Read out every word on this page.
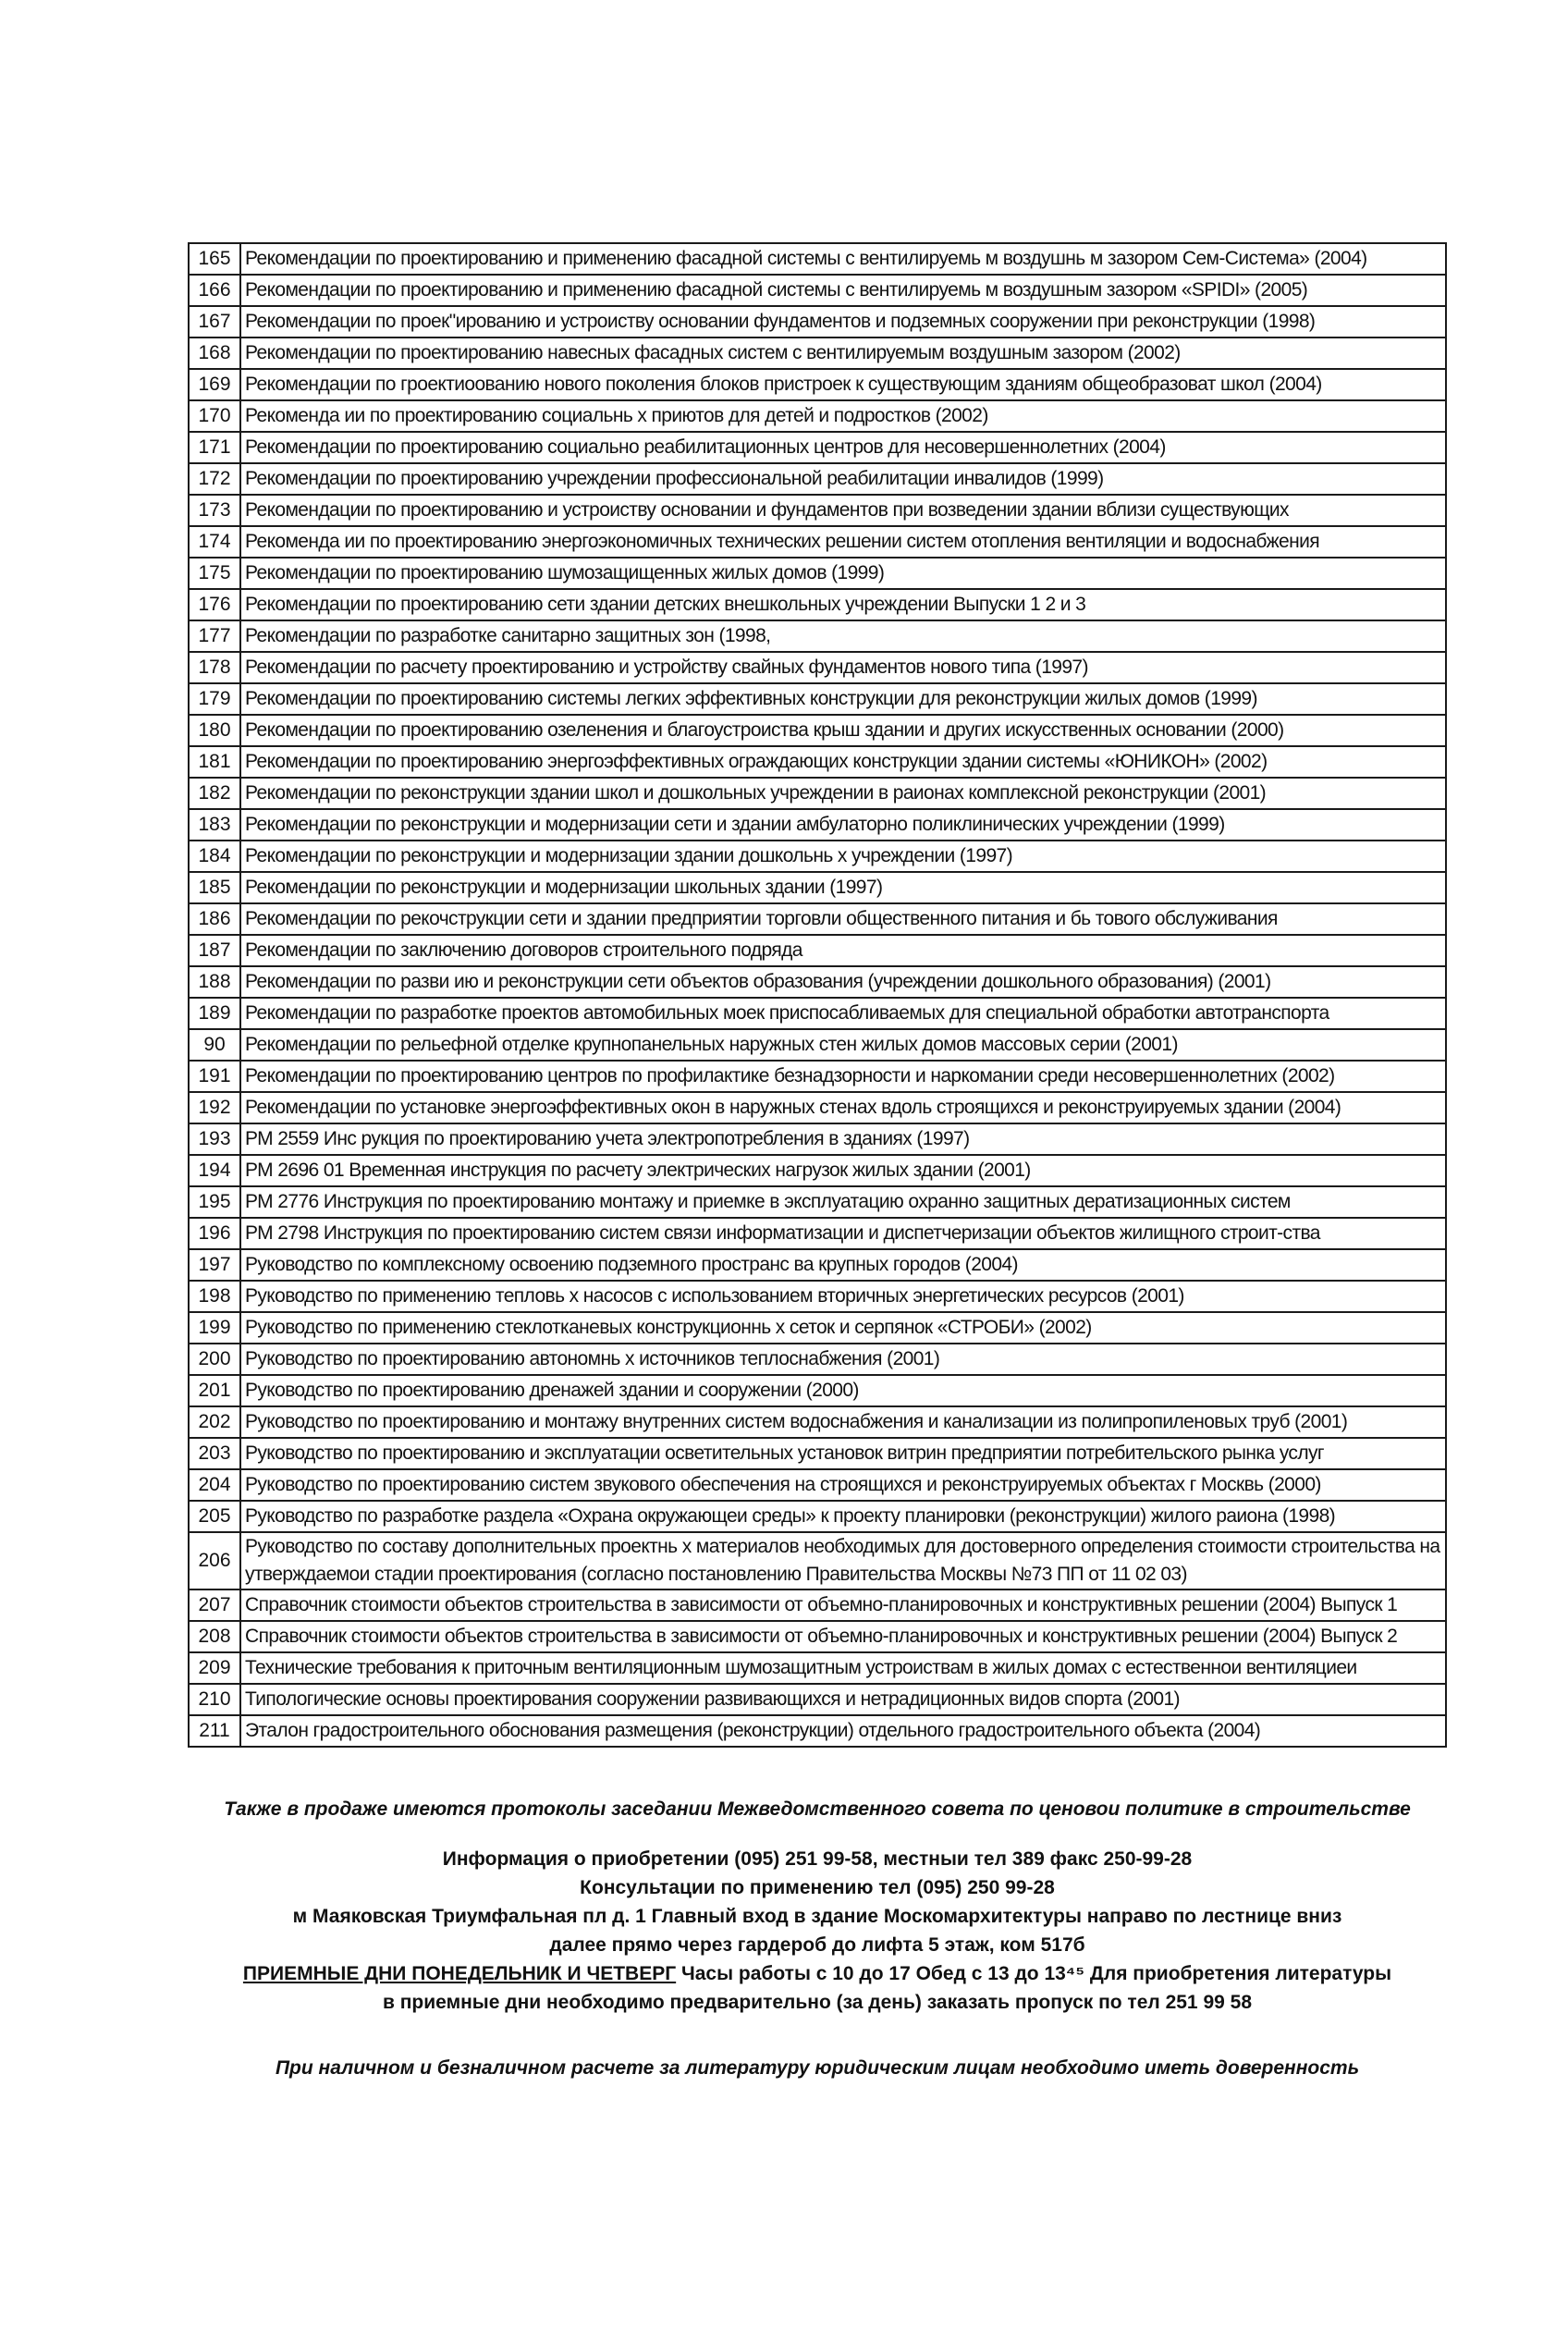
165	Рекомендации по проектированию и применению фасадной системы с вентилируемь м воздушнь м зазором Сем-Система» (2004)
166	Рекомендации по проектированию и применению фасадной системы с вентилируемь м воздушным зазором «SPIDI» (2005)
167	Рекомендации по проек"ированию и устроиству основании фундаментов и подземных сооружении при реконструкции (1998)
168	Рекомендации по проектированию навесных фасадных систем с вентилируемым воздушным зазором (2002)
169	Рекомендации по гроектиоованию нового поколения блоков пристроек к существующим зданиям общеобразоват школ (2004)
170	Рекоменда ии по проектированию социальнь х приютов для детей и подростков (2002)
171	Рекомендации по проектированию социально реабилитационных центров для несовершеннолетних (2004)
172	Рекомендации по проектированию учреждении профессиональной реабилитации инвалидов (1999)
173	Рекомендации по проектированию и устроиству основании и фундаментов при возведении здании вблизи существующих
174	Рекоменда ии по проектированию энергоэкономичных технических решении систем отопления вентиляции и водоснабжения
175	Рекомендации по проектированию шумозащищенных жилых домов (1999)
176	Рекомендации по проектированию сети здании детских внешкольных учреждении Выпуски 1 2 и 3
177	Рекомендации по разработке санитарно защитных зон (1998,
178	Рекомендации по расчету проектированию и устройству свайных фундаментов нового типа (1997)
179	Рекомендации по проектированию системы легких эффективных конструкции для реконструкции жилых домов (1999)
180	Рекомендации по проектированию озеленения и благоустроиства крыш здании и других искусственных основании (2000)
181	Рекомендации по проектированию энергоэффективных ограждающих конструкции здании системы «ЮНИКОН» (2002)
182	Рекомендации по реконструкции здании школ и дошкольных учреждении в раионах комплексной реконструкции (2001)
183	Рекомендации по реконструкции и модернизации сети и здании амбулаторно поликлинических учреждении (1999)
184	Рекомендации по реконструкции и модернизации здании дошкольнь х учреждении (1997)
185	Рекомендации по реконструкции и модернизации школьных здании (1997)
186	Рекомендации по рекочструкции сети и здании предприятии торговли общественного питания и бь тового обслуживания
187	Рекомендации по заключению договоров строительного подряда
188	Рекомендации по разви ию и реконструкции сети объектов образования (учреждении дошкольного образования) (2001)
189	Рекомендации по разработке проектов автомобильных моек приспосабливаемых для специальной обработки автотранспорта
90	Рекомендации по рельефной отделке крупнопанельных наружных стен жилых домов массовых серии (2001)
191	Рекомендации по проектированию центров по профилактике безнадзорности и наркомании среди несовершеннолетних (2002)
192	Рекомендации по установке энергоэффективных окон в наружных стенах вдоль строящихся и реконструируемых здании (2004)
193	РМ 2559 Инс рукция по проектированию учета электропотребления в зданиях (1997)
194	РМ 2696 01 Временная инструкция по расчету электрических нагрузок жилых здании (2001)
195	РМ 2776 Инструкция по проектированию монтажу и приемке в эксплуатацию охранно защитных дератизационных систем
196	РМ 2798 Инструкция по проектированию систем связи информатизации и диспетчеризации объектов жилищного строит-ства
197	Руководство по комплексному освоению подземного пространс ва крупных городов (2004)
198	Руководство по применению тепловь х насосов с использованием вторичных энергетических ресурсов (2001)
199	Руководство по применению стеклотканевых конструкционнь х сеток и серпянок «СТРОБИ» (2002)
200	Руководство по проектированию автономнь х источников теплоснабжения (2001)
201	Руководство по проектированию дренажей здании и сооружении (2000)
202	Руководство по проектированию и монтажу внутренних систем водоснабжения и канализации из полипропиленовых труб (2001)
203	Руководство по проектированию и эксплуатации осветительных установок витрин предприятии потребительского рынка услуг
204	Руководство по проектированию систем звукового обеспечения на строящихся и реконструируемых объектах г Москвь (2000)
205	Руководство по разработке раздела «Охрана окружающеи среды» к проекту планировки (реконструкции) жилого раиона (1998)
206	Руководство по составу дополнительных проектнь х материалов необходимых для достоверного определения стоимости строительства на утверждаемои стадии проектирования (согласно постановлению Правительства Москвы №73 ПП от 11 02 03)
207	Справочник стоимости объектов строительства в зависимости от объемно-планировочных и конструктивных решении (2004) Выпуск 1
208	Справочник стоимости объектов строительства в зависимости от объемно-планировочных и конструктивных решении (2004) Выпуск 2
209	Технические требования к приточным вентиляционным шумозащитным устроиствам в жилых домах с естественнои вентиляциеи
210	Типологические основы проектирования сооружении развивающихся и нетрадиционных видов спорта (2001)
211	Эталон градостроительного обоснования размещения (реконструкции) отдельного градостроительного объекта (2004)
Также в продаже имеются протоколы заседании Межведомственного совета по ценовои политике в строительстве
Информация о приобретении (095) 251 99-58, местныи тел 389 факс 250-99-28
Консультации по применению тел (095) 250 99-28
м Маяковская Триумфальная пл д. 1 Главный вход в здание Москомархитектуры направо по лестнице вниз
далее прямо через гардероб до лифта 5 этаж, ком 517б
ПРИЕМНЫЕ ДНИ ПОНЕДЕЛЬНИК И ЧЕТВЕРГ Часы работы с 10 до 17 Обед с 13 до 13⁴⁵ Для приобретения литературы
в приемные дни необходимо предварительно (за день) заказать пропуск по тел 251 99 58
При наличном и безналичном расчете за литературу юридическим лицам необходимо иметь доверенность
